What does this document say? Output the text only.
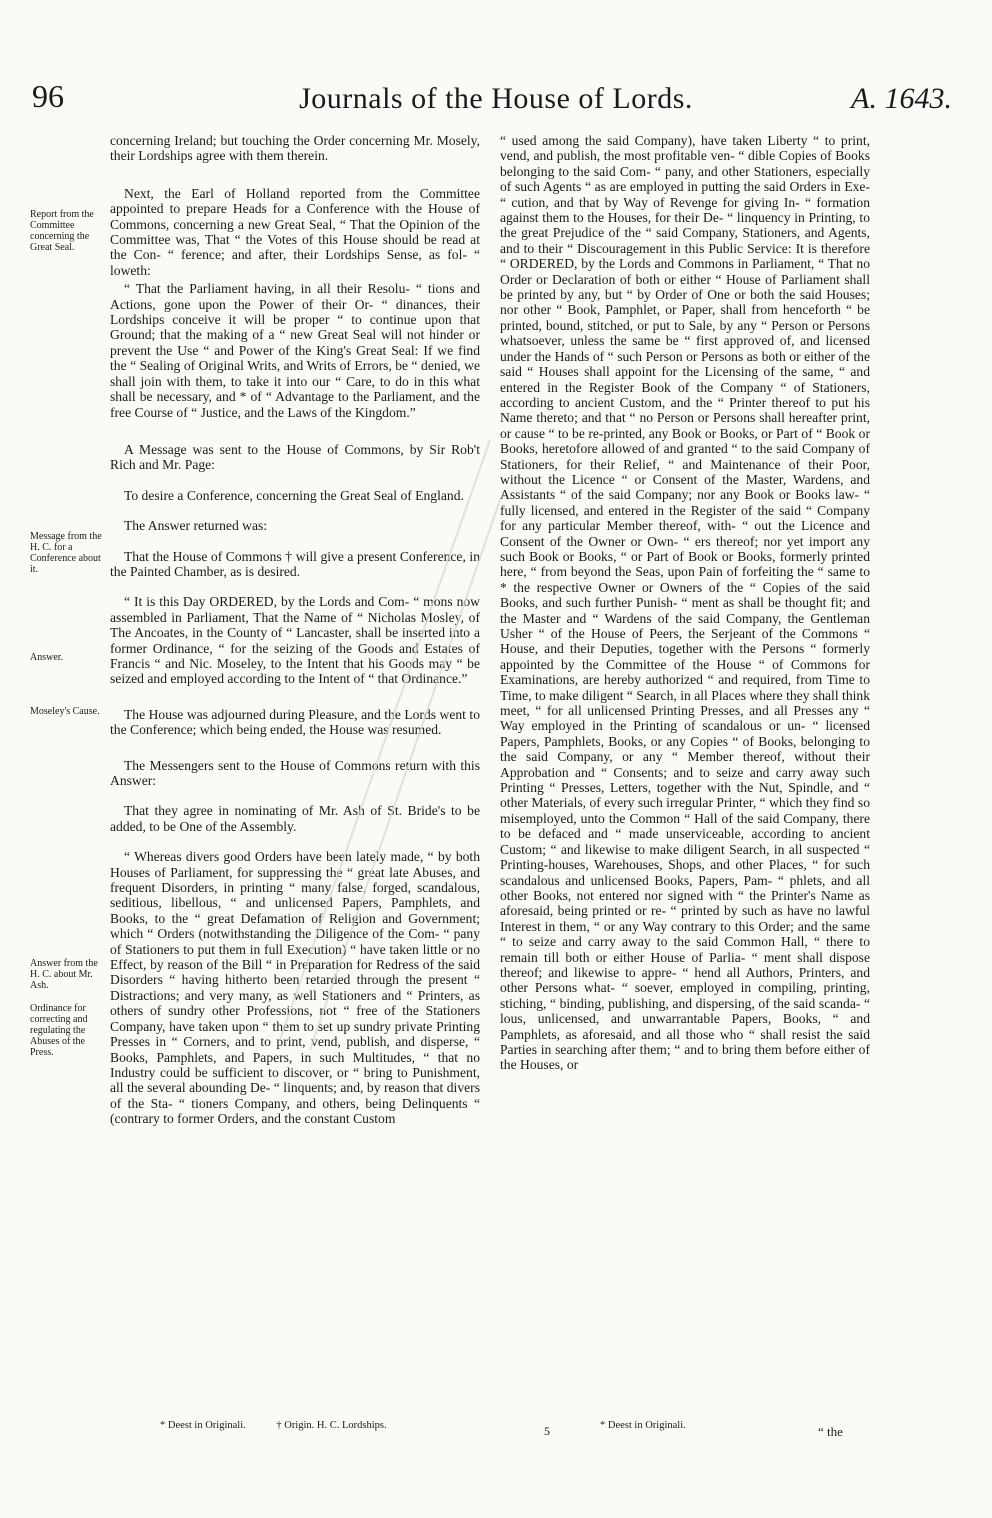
96	Journals of the House of Lords.	A. 1643.
Report from the Committee concerning the Great Seal.
Message from the H. C. for a Conference about it.
Answer.
Moseley's Cause.
Answer from the H. C. about Mr. Ash.
Ordinance for correcting and regulating the Abuses of the Press.

concerning Ireland; but touching the Order concerning Mr. Mosely, their Lordships agree with them therein.

Next, the Earl of Holland reported from the Committee appointed to prepare Heads for a Conference with the House of Commons, concerning a new Great Seal, “ That the Opinion of the Committee was, That “ the Votes of this House should be read at the Con- “ ference; and after, their Lordships Sense, as fol- “ loweth:

“ That the Parliament having, in all their Resolu- “ tions and Actions, gone upon the Power of their Or- “ dinances, their Lordships conceive it will be proper “ to continue upon that Ground; that the making of a “ new Great Seal will not hinder or prevent the Use “ and Power of the King's Great Seal: If we find the “ Sealing of Original Writs, and Writs of Errors, be “ denied, we shall join with them, to take it into our “ Care, to do in this what shall be necessary, and * of “ Advantage to the Parliament, and the free Course of “ Justice, and the Laws of the Kingdom.”

A Message was sent to the House of Commons, by Sir Rob't Rich and Mr. Page:

To desire a Conference, concerning the Great Seal of England.

The Answer returned was:

That the House of Commons † will give a present Conference, in the Painted Chamber, as is desired.

“ It is this Day ORDERED, by the Lords and Com- “ mons now assembled in Parliament, That the Name of “ Nicholas Mosley, of The Ancoates, in the County of “ Lancaster, shall be inserted into a former Ordinance, “ for the seizing of the Goods and Estates of Francis “ and Nic. Moseley, to the Intent that his Goods may “ be seized and employed according to the Intent of “ that Ordinance.”

The House was adjourned during Pleasure, and the Lords went to the Conference; which being ended, the House was resumed.

The Messengers sent to the House of Commons return with this Answer:

That they agree in nominating of Mr. Ash of St. Bride's to be added, to be One of the Assembly.

“ Whereas divers good Orders have been lately made, “ by both Houses of Parliament, for suppressing the “ great late Abuses, and frequent Disorders, in printing “ many false, forged, scandalous, seditious, libellous, “ and unlicensed Papers, Pamphlets, and Books, to the “ great Defamation of Religion and Government; which “ Orders (notwithstanding the Diligence of the Com- “ pany of Stationers to put them in full Execution) “ have taken little or no Effect, by reason of the Bill “ in Preparation for Redress of the said Disorders “ having hitherto been retarded through the present “ Distractions; and very many, as well Stationers and “ Printers, as others of sundry other Professions, not “ free of the Stationers Company, have taken upon “ them to set up sundry private Printing Presses in “ Corners, and to print, vend, publish, and disperse, “ Books, Pamphlets, and Papers, in such Multitudes, “ that no Industry could be sufficient to discover, or “ bring to Punishment, all the several abounding De- “ linquents; and, by reason that divers of the Sta- “ tioners Company, and others, being Delinquents “ (contrary to former Orders, and the constant Custom

“ used among the said Company), have taken Liberty “ to print, vend, and publish, the most profitable ven- “ dible Copies of Books belonging to the said Com- “ pany, and other Stationers, especially of such Agents “ as are employed in putting the said Orders in Exe- “ cution, and that by Way of Revenge for giving In- “ formation against them to the Houses, for their De- “ linquency in Printing, to the great Prejudice of the “ said Company, Stationers, and Agents, and to their “ Discouragement in this Public Service: It is therefore “ ORDERED, by the Lords and Commons in Parliament, “ That no Order or Declaration of both or either “ House of Parliament shall be printed by any, but “ by Order of One or both the said Houses; nor other “ Book, Pamphlet, or Paper, shall from henceforth “ be printed, bound, stitched, or put to Sale, by any “ Person or Persons whatsoever, unless the same be “ first approved of, and licensed under the Hands of “ such Person or Persons as both or either of the said “ Houses shall appoint for the Licensing of the same, “ and entered in the Register Book of the Company “ of Stationers, according to ancient Custom, and the “ Printer thereof to put his Name thereto; and that “ no Person or Persons shall hereafter print, or cause “ to be re-printed, any Book or Books, or Part of “ Book or Books, heretofore allowed of and granted “ to the said Company of Stationers, for their Relief, “ and Maintenance of their Poor, without the Licence “ or Consent of the Master, Wardens, and Assistants “ of the said Company; nor any Book or Books law- “ fully licensed, and entered in the Register of the said “ Company for any particular Member thereof, with- “ out the Licence and Consent of the Owner or Own- “ ers thereof; nor yet import any such Book or Books, “ or Part of Book or Books, formerly printed here, “ from beyond the Seas, upon Pain of forfeiting the “ same to * the respective Owner or Owners of the “ Copies of the said Books, and such further Punish- “ ment as shall be thought fit; and the Master and “ Wardens of the said Company, the Gentleman Usher “ of the House of Peers, the Serjeant of the Commons “ House, and their Deputies, together with the Persons “ formerly appointed by the Committee of the House “ of Commons for Examinations, are hereby authorized “ and required, from Time to Time, to make diligent “ Search, in all Places where they shall think meet, “ for all unlicensed Printing Presses, and all Presses any “ Way employed in the Printing of scandalous or un- “ licensed Papers, Pamphlets, Books, or any Copies “ of Books, belonging to the said Company, or any “ Member thereof, without their Approbation and “ Consents; and to seize and carry away such Printing “ Presses, Letters, together with the Nut, Spindle, and “ other Materials, of every such irregular Printer, “ which they find so misemployed, unto the Common “ Hall of the said Company, there to be defaced and “ made unserviceable, according to ancient Custom; “ and likewise to make diligent Search, in all suspected “ Printing-houses, Warehouses, Shops, and other Places, “ for such scandalous and unlicensed Books, Papers, Pam- “ phlets, and all other Books, not entered nor signed with “ the Printer's Name as aforesaid, being printed or re- “ printed by such as have no lawful Interest in them, “ or any Way contrary to this Order; and the same “ to seize and carry away to the said Common Hall, “ there to remain till both or either House of Parlia- “ ment shall dispose thereof; and likewise to appre- “ hend all Authors, Printers, and other Persons what- “ soever, employed in compiling, printing, stiching, “ binding, publishing, and dispersing, of the said scanda- “ lous, unlicensed, and unwarrantable Papers, Books, “ and Pamphlets, as aforesaid, and all those who “ shall resist the said Parties in searching after them; “ and to bring them before either of the Houses, or

* Deest in Originali.	† Origin. H. C. Lordships.	* Deest in Originali.
5	“ the
